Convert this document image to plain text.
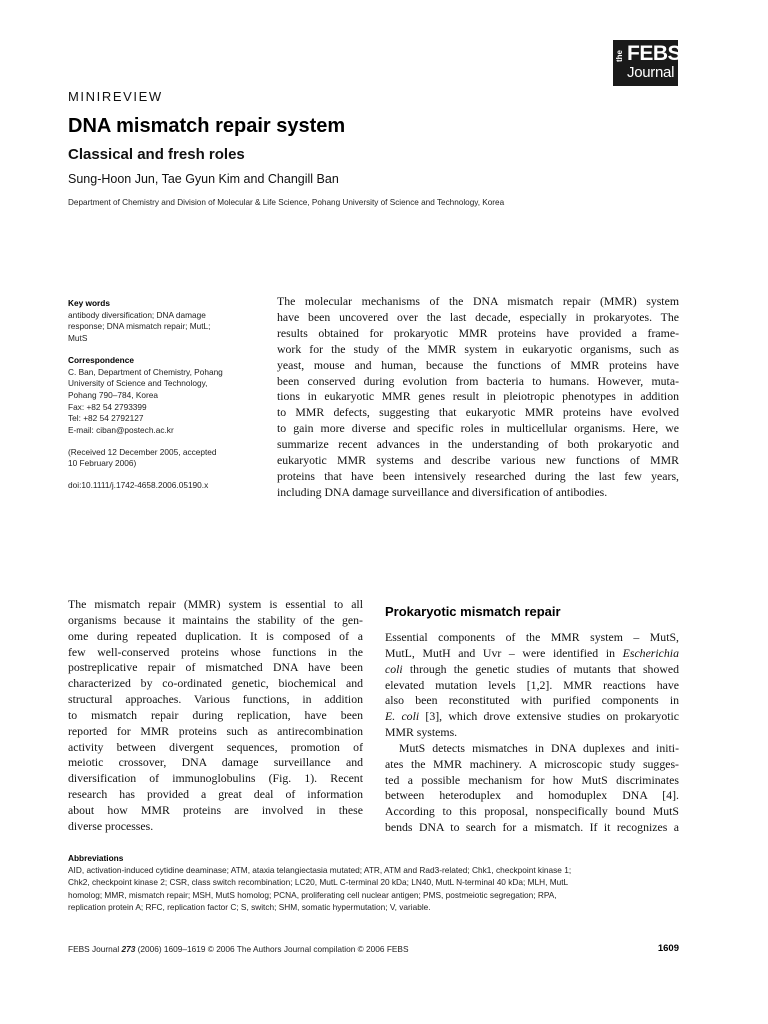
the FEBS
Journal
MINIREVIEW
DNA mismatch repair system
Classical and fresh roles
Sung-Hoon Jun, Tae Gyun Kim and Changill Ban
Department of Chemistry and Division of Molecular & Life Science, Pohang University of Science and Technology, Korea
Key words
antibody diversification; DNA damage
response; DNA mismatch repair; MutL;
MutS
Correspondence
C. Ban, Department of Chemistry, Pohang
University of Science and Technology,
Pohang 790–784, Korea
Fax: +82 54 2793399
Tel: +82 54 2792127
E-mail: ciban@postech.ac.kr
(Received 12 December 2005, accepted
10 February 2006)
doi:10.1111/j.1742-4658.2006.05190.x
The molecular mechanisms of the DNA mismatch repair (MMR) system
have been uncovered over the last decade, especially in prokaryotes. The
results obtained for prokaryotic MMR proteins have provided a frame-
work for the study of the MMR system in eukaryotic organisms, such as
yeast, mouse and human, because the functions of MMR proteins have
been conserved during evolution from bacteria to humans. However, muta-
tions in eukaryotic MMR genes result in pleiotropic phenotypes in addition
to MMR defects, suggesting that eukaryotic MMR proteins have evolved
to gain more diverse and specific roles in multicellular organisms. Here, we
summarize recent advances in the understanding of both prokaryotic and
eukaryotic MMR systems and describe various new functions of MMR
proteins that have been intensively researched during the last few years,
including DNA damage surveillance and diversification of antibodies.
The mismatch repair (MMR) system is essential to all
organisms because it maintains the stability of the gen-
ome during repeated duplication. It is composed of a
few well-conserved proteins whose functions in the
postreplicative repair of mismatched DNA have been
characterized by co-ordinated genetic, biochemical and
structural approaches. Various functions, in addition
to mismatch repair during replication, have been
reported for MMR proteins such as antirecombination
activity between divergent sequences, promotion of
meiotic crossover, DNA damage surveillance and
diversification of immunoglobulins (Fig. 1). Recent
research has provided a great deal of information
about how MMR proteins are involved in these
diverse processes.
Prokaryotic mismatch repair
Essential components of the MMR system – MutS,
MutL, MutH and Uvr – were identified in Escherichia
coli through the genetic studies of mutants that showed
elevated mutation levels [1,2]. MMR reactions have
also been reconstituted with purified components in
E. coli [3], which drove extensive studies on prokaryotic
MMR systems.
MutS detects mismatches in DNA duplexes and initi-
ates the MMR machinery. A microscopic study sugges-
ted a possible mechanism for how MutS discriminates
between heteroduplex and homoduplex DNA [4].
According to this proposal, nonspecifically bound MutS
bends DNA to search for a mismatch. If it recognizes a
Abbreviations
AID, activation-induced cytidine deaminase; ATM, ataxia telangiectasia mutated; ATR, ATM and Rad3-related; Chk1, checkpoint kinase 1;
Chk2, checkpoint kinase 2; CSR, class switch recombination; LC20, MutL C-terminal 20 kDa; LN40, MutL N-terminal 40 kDa; MLH, MutL
homolog; MMR, mismatch repair; MSH, MutS homolog; PCNA, proliferating cell nuclear antigen; PMS, postmeiotic segregation; RPA,
replication protein A; RFC, replication factor C; S, switch; SHM, somatic hypermutation; V, variable.
FEBS Journal 273 (2006) 1609–1619 © 2006 The Authors Journal compilation © 2006 FEBS	1609
